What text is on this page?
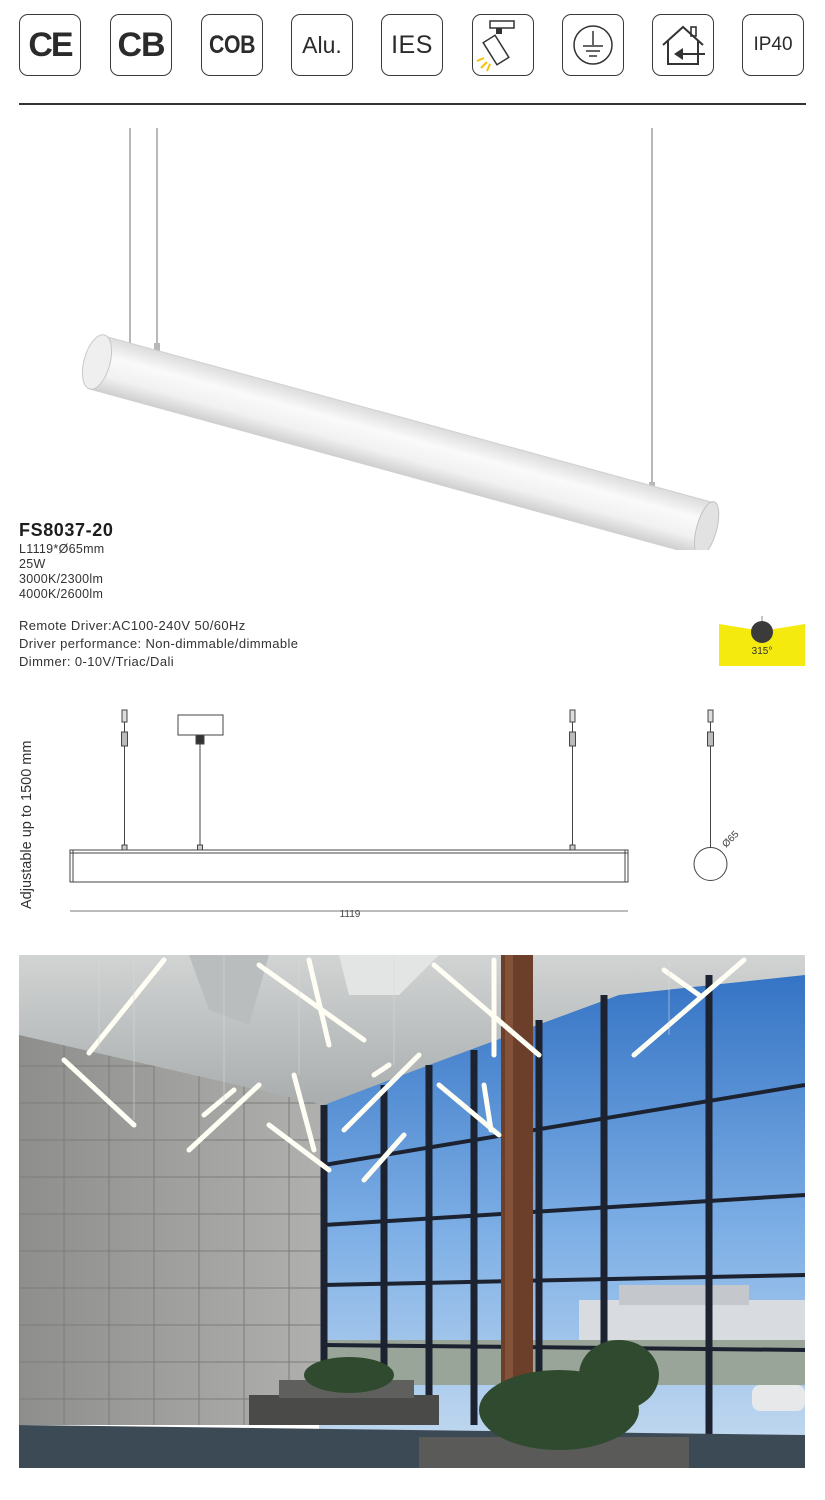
CE CB COB Alu. IES	IP40
FS8037-20
L1119*Ø65mm
25W
3000K/2300lm
4000K/2600lm
Remote Driver:AC100-240V 50/60Hz
Driver performance: Non-dimmable/dimmable
Dimmer: 0-10V/Triac/Dali
315°
Adjustable up to 1500 mm	Ø65
1119
